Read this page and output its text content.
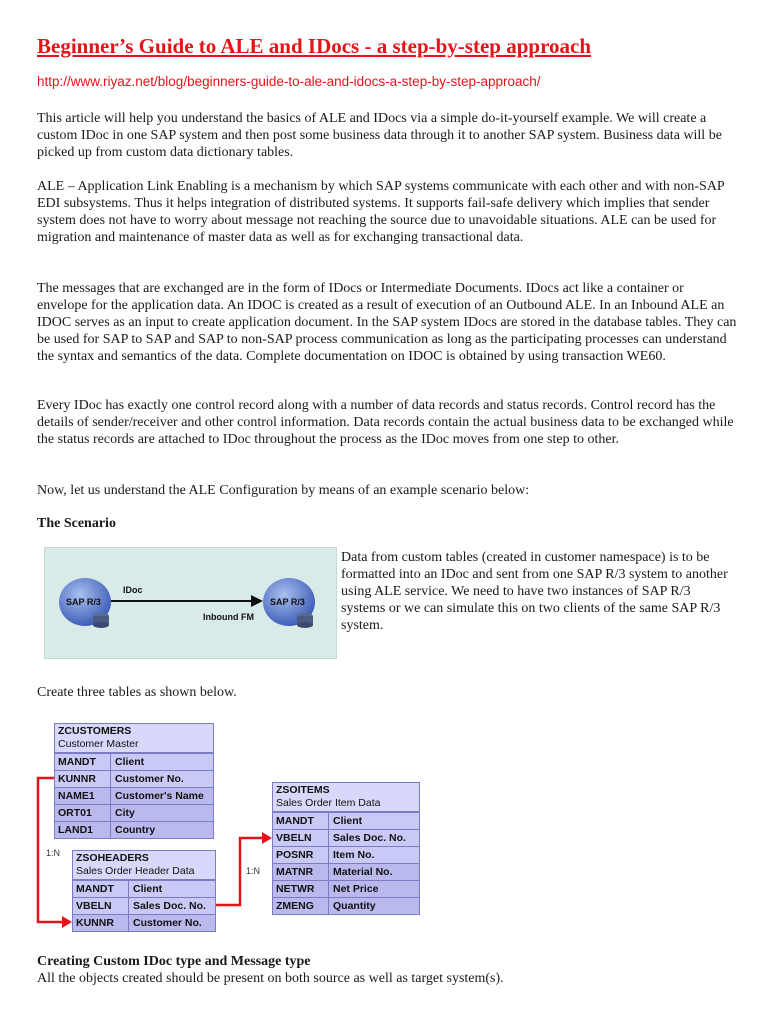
Beginner’s Guide to ALE and IDocs - a step-by-step approach
http://www.riyaz.net/blog/beginners-guide-to-ale-and-idocs-a-step-by-step-approach/

This article will help you understand the basics of ALE and IDocs via a simple do-it-yourself example. We will create a custom IDoc in one SAP system and then post some business data through it to another SAP system. Business data will be picked up from custom data dictionary tables.

ALE – Application Link Enabling is a mechanism by which SAP systems communicate with each other and with non-SAP EDI subsystems. Thus it helps integration of distributed systems. It supports fail-safe delivery which implies that sender system does not have to worry about message not reaching the source due to unavoidable situations. ALE can be used for migration and maintenance of master data as well as for exchanging transactional data.

The messages that are exchanged are in the form of IDocs or Intermediate Documents. IDocs act like a container or envelope for the application data. An IDOC is created as a result of execution of an Outbound ALE. In an Inbound ALE an IDOC serves as an input to create application document. In the SAP system IDocs are stored in the database tables. They can be used for SAP to SAP and SAP to non-SAP process communication as long as the participating processes can understand the syntax and semantics of the data. Complete documentation on IDOC is obtained by using transaction WE60.

Every IDoc has exactly one control record along with a number of data records and status records. Control record has the details of sender/receiver and other control information. Data records contain the actual business data to be exchanged while the status records are attached to IDoc throughout the process as the IDoc moves from one step to other.

Now, let us understand the ALE Configuration by means of an example scenario below:

The Scenario
SAP R/3	SAP R/3
IDoc
Inbound FM

Data from custom tables (created in customer namespace) is to be formatted into an IDoc and sent from one SAP R/3 system to another using ALE service. We need to have two instances of SAP R/3 systems or we can simulate this on two clients of the same SAP R/3 system.

Create three tables as shown below.

1:N
1:N
ZCUSTOMERS
Customer Master
MANDT	Client
KUNNR	Customer No.
NAME1	Customer's Name
ORT01	City
LAND1	Country
ZSOHEADERS
Sales Order Header Data
MANDT	Client
VBELN	Sales Doc. No.
KUNNR	Customer No.
ZSOITEMS
Sales Order Item Data
MANDT	Client
VBELN	Sales Doc. No.
POSNR	Item No.
MATNR	Material No.
NETWR	Net Price
ZMENG	Quantity
Creating Custom IDoc type and Message type

All the objects created should be present on both source as well as target system(s).
